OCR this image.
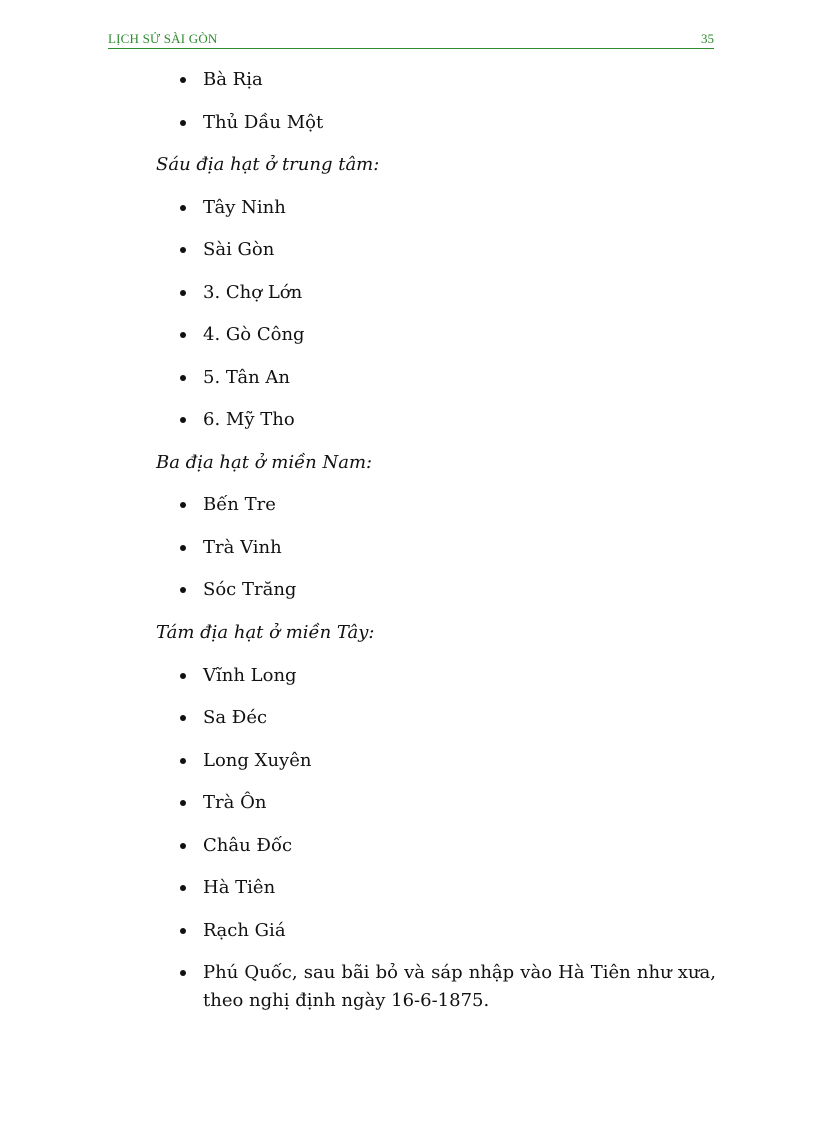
LỊCH SỬ SÀI GÒN	35
Bà Rịa
Thủ Dầu Một
Sáu địa hạt ở trung tâm:
Tây Ninh
Sài Gòn
3. Chợ Lớn
4. Gò Công
5. Tân An
6. Mỹ Tho
Ba địa hạt ở miền Nam:
Bến Tre
Trà Vinh
Sóc Trăng
Tám địa hạt ở miền Tây:
Vĩnh Long
Sa Đéc
Long Xuyên
Trà Ôn
Châu Đốc
Hà Tiên
Rạch Giá
Phú Quốc, sau bãi bỏ và sáp nhập vào Hà Tiên như xưa, theo nghị định ngày 16-6-1875.
